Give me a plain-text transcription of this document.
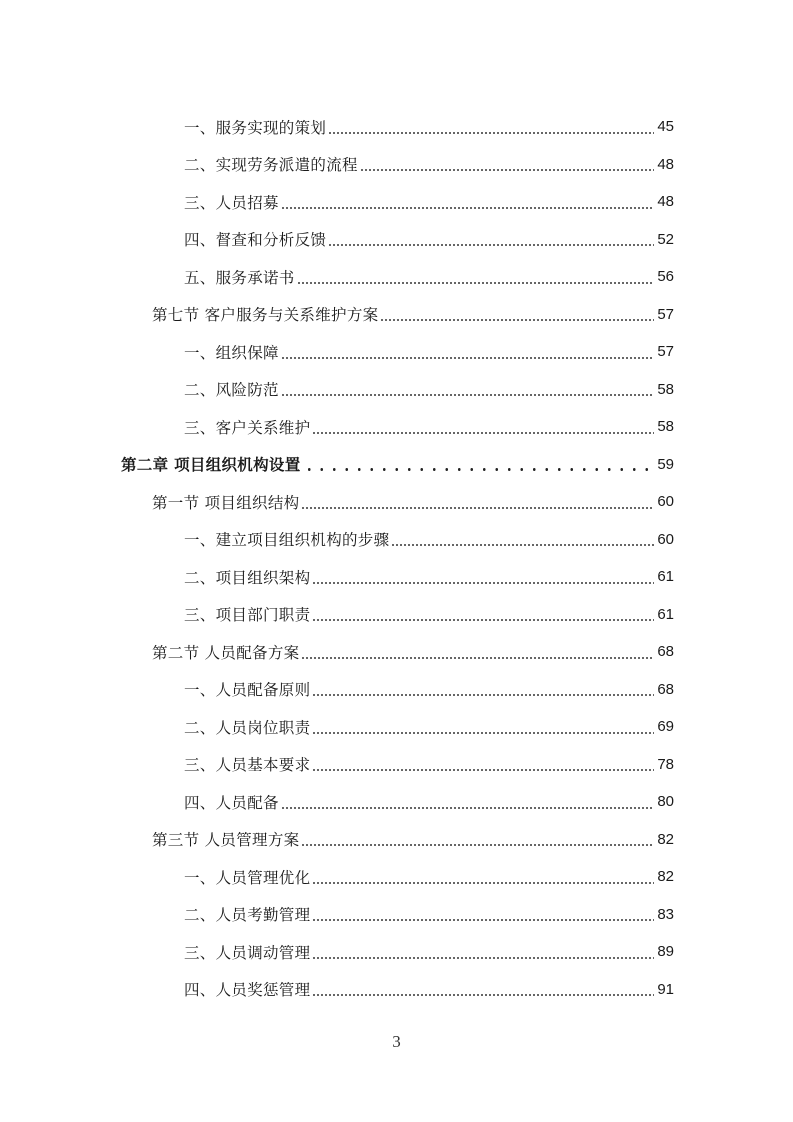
一、服务实现的策划	45
二、实现劳务派遣的流程	48
三、人员招募	48
四、督查和分析反馈	52
五、服务承诺书	56
第七节 客户服务与关系维护方案	57
一、组织保障	57
二、风险防范	58
三、客户关系维护	58
第二章 项目组织机构设置	59
第一节 项目组织结构	60
一、建立项目组织机构的步骤	60
二、项目组织架构	61
三、项目部门职责	61
第二节 人员配备方案	68
一、人员配备原则	68
二、人员岗位职责	69
三、人员基本要求	78
四、人员配备	80
第三节 人员管理方案	82
一、人员管理优化	82
二、人员考勤管理	83
三、人员调动管理	89
四、人员奖惩管理	91
3
